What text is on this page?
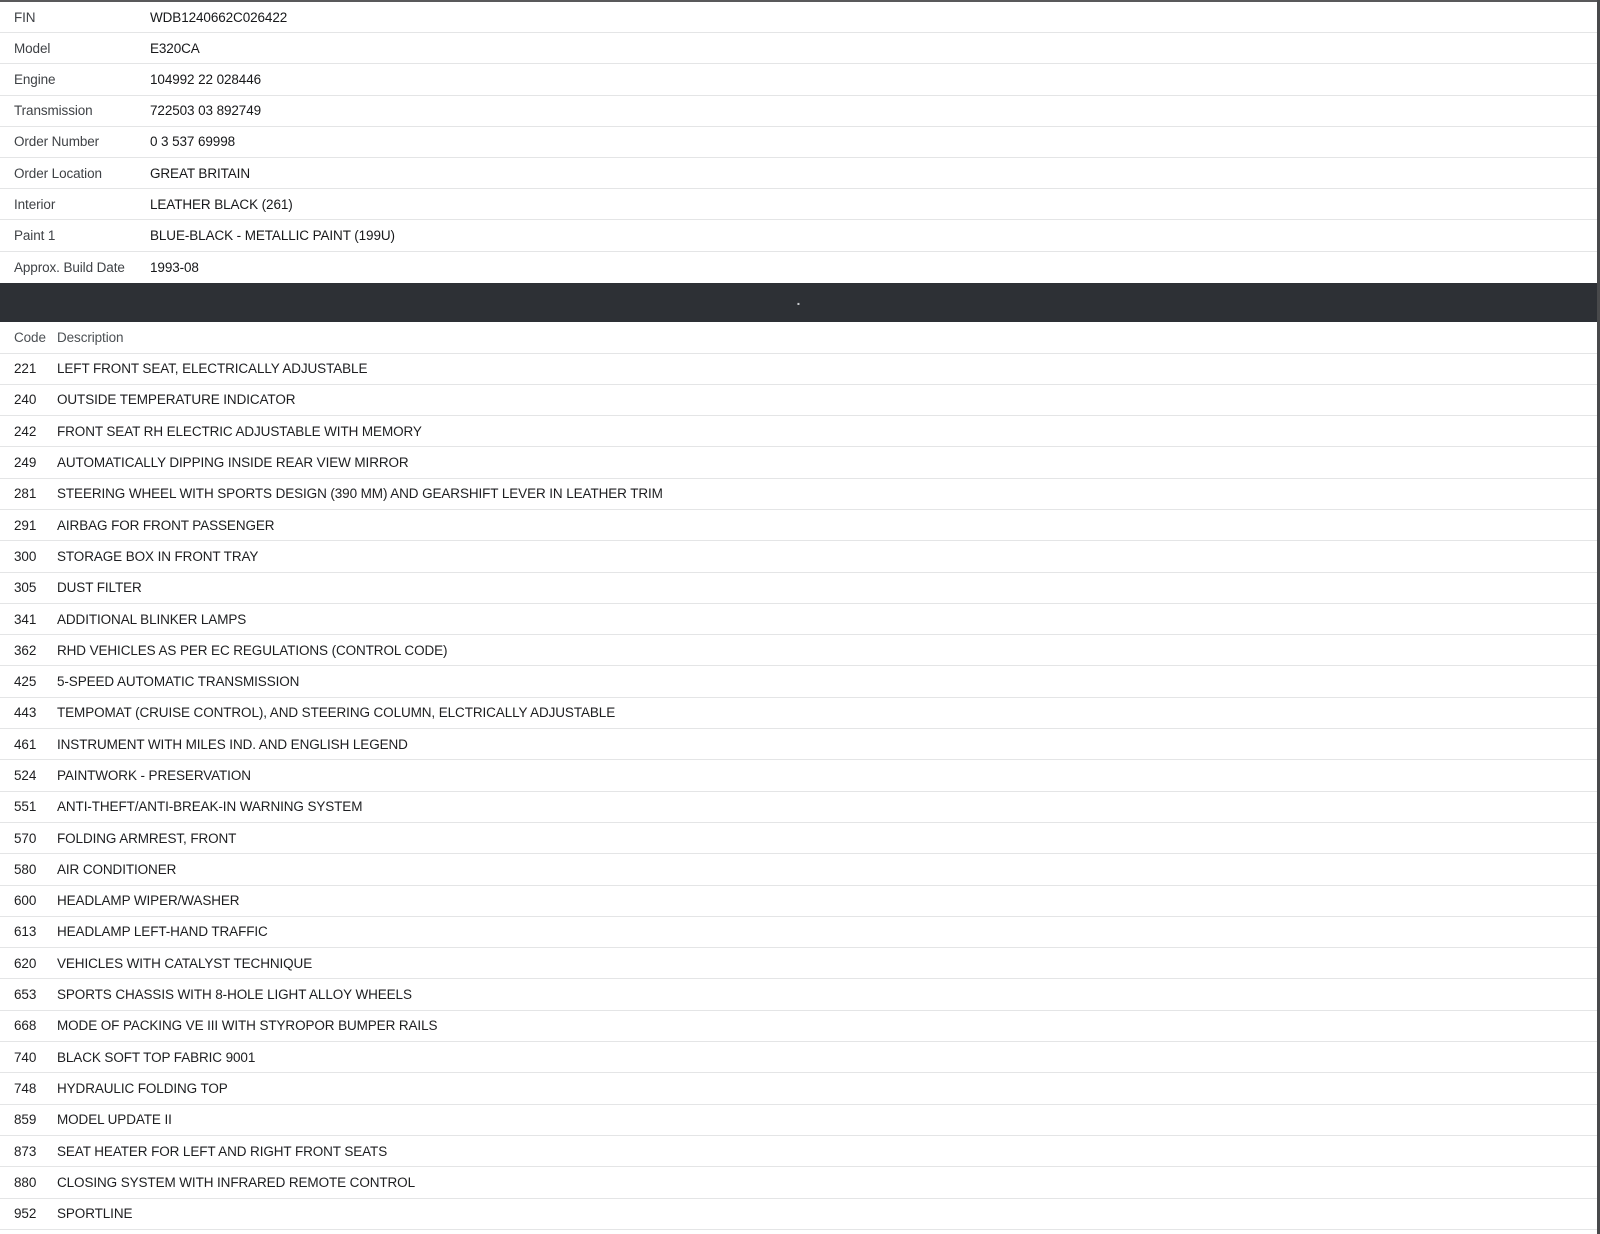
FIN	WDB1240662C026422
Model	E320CA
Engine	104992 22 028446
Transmission	722503 03 892749
Order Number	0 3 537 69998
Order Location	GREAT BRITAIN
Interior	LEATHER BLACK (261)
Paint 1	BLUE-BLACK - METALLIC PAINT (199U)
Approx. Build Date	1993-08
.
Code Description
221	LEFT FRONT SEAT, ELECTRICALLY ADJUSTABLE
240	OUTSIDE TEMPERATURE INDICATOR
242	FRONT SEAT RH ELECTRIC ADJUSTABLE WITH MEMORY
249	AUTOMATICALLY DIPPING INSIDE REAR VIEW MIRROR
281	STEERING WHEEL WITH SPORTS DESIGN (390 MM) AND GEARSHIFT LEVER IN LEATHER TRIM
291	AIRBAG FOR FRONT PASSENGER
300	STORAGE BOX IN FRONT TRAY
305	DUST FILTER
341	ADDITIONAL BLINKER LAMPS
362	RHD VEHICLES AS PER EC REGULATIONS (CONTROL CODE)
425	5-SPEED AUTOMATIC TRANSMISSION
443	TEMPOMAT (CRUISE CONTROL), AND STEERING COLUMN, ELCTRICALLY ADJUSTABLE
461	INSTRUMENT WITH MILES IND. AND ENGLISH LEGEND
524	PAINTWORK - PRESERVATION
551	ANTI-THEFT/ANTI-BREAK-IN WARNING SYSTEM
570	FOLDING ARMREST, FRONT
580	AIR CONDITIONER
600	HEADLAMP WIPER/WASHER
613	HEADLAMP LEFT-HAND TRAFFIC
620	VEHICLES WITH CATALYST TECHNIQUE
653	SPORTS CHASSIS WITH 8-HOLE LIGHT ALLOY WHEELS
668	MODE OF PACKING VE III WITH STYROPOR BUMPER RAILS
740	BLACK SOFT TOP FABRIC 9001
748	HYDRAULIC FOLDING TOP
859	MODEL UPDATE II
873	SEAT HEATER FOR LEFT AND RIGHT FRONT SEATS
880	CLOSING SYSTEM WITH INFRARED REMOTE CONTROL
952	SPORTLINE
